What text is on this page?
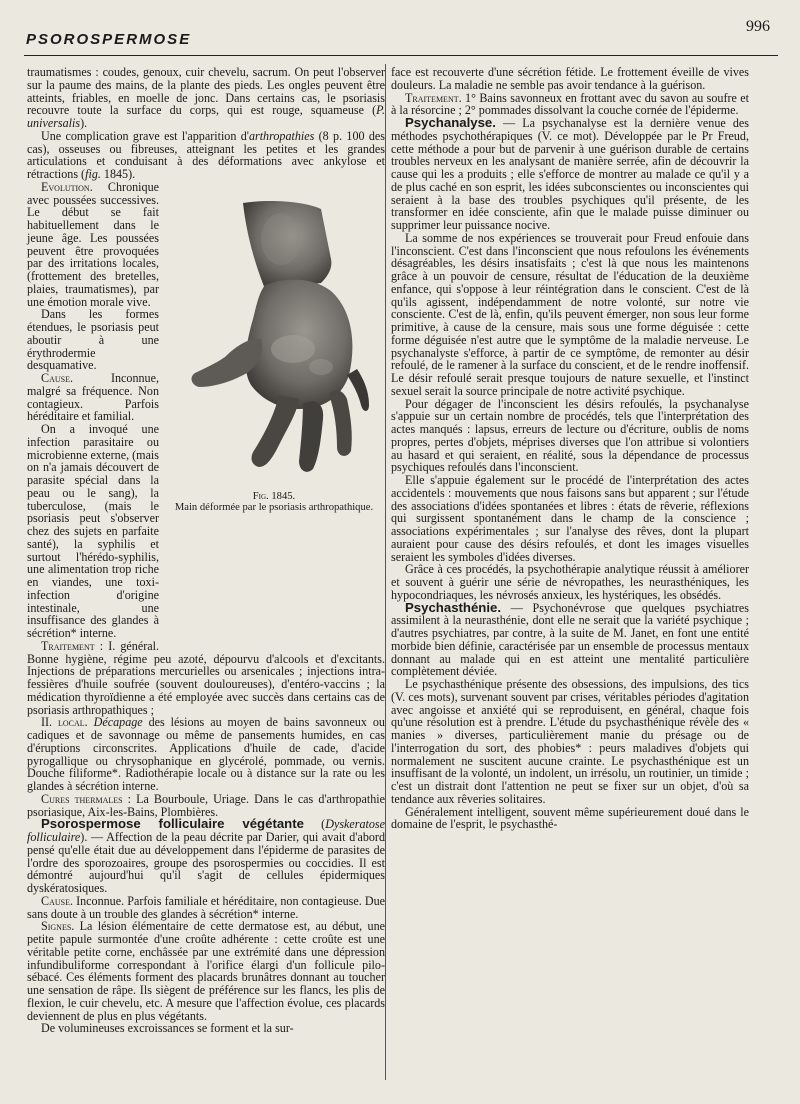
PSOROSPERMOSE
996

traumatismes : coudes, genoux, cuir chevelu, sacrum. On peut l'observer sur la paume des mains, de la plante des pieds. Les ongles peuvent être atteints, friables, en moelle de jonc. Dans certains cas, le psoriasis recouvre toute la surface du corps, qui est rouge, squameuse (P. universalis).

Une complication grave est l'apparition d'arthropathies (8 p. 100 des cas), osseuses ou fibreuses, atteignant les petites et les grandes articulations et conduisant à des déformations avec ankylose et rétractions (fig. 1845).

Fig. 1845.
Main déformée par le psoriasis arthropathique.

Evolution. Chronique avec poussées successives. Le début se fait habituellement dans le jeune âge. Les poussées peuvent être provoquées par des irritations locales, (frottement des bretelles, plaies, traumatismes), par une émotion morale vive.

Dans les formes étendues, le psoriasis peut aboutir à une érythrodermie desquamative.

Cause. Inconnue, malgré sa fréquence. Non contagieux. Parfois héréditaire et familial.

On a invoqué une infection parasitaire ou microbienne externe, (mais on n'a jamais découvert de parasite spécial dans la peau ou le sang), la tuberculose, (mais le psoriasis peut s'observer chez des sujets en parfaite santé), la syphilis et surtout l'hérédo-syphilis, une alimentation trop riche en viandes, une toxi-infection d'origine intestinale, une insuffisance des glandes à sécrétion* interne.

Traitement : I. général. Bonne hygiène, régime peu azoté, dépourvu d'alcools et d'excitants. Injections de préparations mercurielles ou arsenicales ; injections intra-fessières d'huile soufrée (souvent douloureuses), d'entéro-vaccins ; la médication thyroïdienne a été employée avec succès dans certains cas de psoriasis arthropathiques ;

II. local. Décapage des lésions au moyen de bains savonneux ou cadiques et de savonnage ou même de pansements humides, en cas d'éruptions circonscrites. Applications d'huile de cade, d'acide pyrogallique ou chrysophanique en glycérolé, pommade, ou vernis. Douche filiforme*. Radiothérapie locale ou à distance sur la rate ou les glandes à sécrétion interne.

Cures thermales : La Bourboule, Uriage. Dans le cas d'arthropathie psoriasique, Aix-les-Bains, Plombières.

Psorospermose folliculaire végétante (Dyskeratose folliculaire). — Affection de la peau décrite par Darier, qui avait d'abord pensé qu'elle était due au développement dans l'épiderme de parasites de l'ordre des sporozoaires, groupe des psorospermies ou coccidies. Il est démontré aujourd'hui qu'il s'agit de cellules épidermiques dyskératosiques.

Cause. Inconnue. Parfois familiale et héréditaire, non contagieuse. Due sans doute à un trouble des glandes à sécrétion* interne.

Signes. La lésion élémentaire de cette dermatose est, au début, une petite papule surmontée d'une croûte adhérente : cette croûte est une véritable petite corne, enchâssée par une extrémité dans une dépression infundibuliforme correspondant à l'orifice élargi d'un follicule pilo-sébacé. Ces éléments forment des placards brunâtres donnant au toucher une sensation de râpe. Ils siègent de préférence sur les flancs, les plis de flexion, le cuir chevelu, etc. A mesure que l'affection évolue, ces placards deviennent de plus en plus végétants.

De volumineuses excroissances se forment et la sur-

face est recouverte d'une sécrétion fétide. Le frottement éveille de vives douleurs. La maladie ne semble pas avoir tendance à la guérison.

Traitement. 1° Bains savonneux en frottant avec du savon au soufre et à la résorcine ; 2° pommades dissolvant la couche cornée de l'épiderme.

Psychanalyse. — La psychanalyse est la dernière venue des méthodes psychothérapiques (V. ce mot). Développée par le Pr Freud, cette méthode a pour but de parvenir à une guérison durable de certains troubles nerveux en les analysant de manière serrée, afin de découvrir la cause qui les a produits ; elle s'efforce de montrer au malade ce qu'il y a de plus caché en son esprit, les idées subconscientes ou inconscientes qui seraient à la base des troubles psychiques qu'il présente, de les transformer en idée consciente, afin que le malade puisse diminuer ou supprimer leur puissance nocive.

La somme de nos expériences se trouverait pour Freud enfouie dans l'inconscient. C'est dans l'inconscient que nous refoulons les événements désagréables, les désirs insatisfaits ; c'est là que nous les maintenons grâce à un pouvoir de censure, résultat de l'éducation de la deuxième enfance, qui s'oppose à leur réintégration dans le conscient. C'est de là qu'ils agissent, indépendamment de notre volonté, sur notre vie consciente. C'est de là, enfin, qu'ils peuvent émerger, non sous leur forme primitive, à cause de la censure, mais sous une forme déguisée : cette forme déguisée n'est autre que le symptôme de la maladie nerveuse. Le psychanalyste s'efforce, à partir de ce symptôme, de remonter au désir refoulé, de le ramener à la surface du conscient, et de le rendre inoffensif. Le désir refoulé serait presque toujours de nature sexuelle, et l'instinct sexuel serait la source principale de notre activité psychique.

Pour dégager de l'inconscient les désirs refoulés, la psychanalyse s'appuie sur un certain nombre de procédés, tels que l'interprétation des actes manqués : lapsus, erreurs de lecture ou d'écriture, oublis de noms propres, pertes d'objets, méprises diverses que l'on attribue si volontiers au hasard et qui seraient, en réalité, sous la dépendance de processus psychiques refoulés dans l'inconscient.

Elle s'appuie également sur le procédé de l'interprétation des actes accidentels : mouvements que nous faisons sans but apparent ; sur l'étude des associations d'idées spontanées et libres : états de rêverie, réflexions qui surgissent spontanément dans le champ de la conscience ; associations expérimentales ; sur l'analyse des rêves, dont la plupart auraient pour cause des désirs refoulés, et dont les images visuelles seraient les symboles d'idées diverses.

Grâce à ces procédés, la psychothérapie analytique réussit à améliorer et souvent à guérir une série de névropathes, les neurasthéniques, les hypocondriaques, les névrosés anxieux, les hystériques, les obsédés.

Psychasthénie. — Psychonévrose que quelques psychiatres assimilent à la neurasthénie, dont elle ne serait que la variété psychique ; d'autres psychiatres, par contre, à la suite de M. Janet, en font une entité morbide bien définie, caractérisée par un ensemble de processus mentaux donnant au malade qui en est atteint une mentalité particulière complètement déviée.

Le psychasthénique présente des obsessions, des impulsions, des tics (V. ces mots), survenant souvent par crises, véritables périodes d'agitation avec angoisse et anxiété qui se reproduisent, en général, chaque fois qu'une résolution est à prendre. L'étude du psychasthénique révèle des « manies » diverses, particulièrement manie du présage ou de l'interrogation du sort, des phobies* : peurs maladives d'objets qui normalement ne suscitent aucune crainte. Le psychasthénique est un insuffisant de la volonté, un indolent, un irrésolu, un routinier, un timide ; c'est un distrait dont l'attention ne peut se fixer sur un objet, d'où sa tendance aux rêveries solitaires.

Généralement intelligent, souvent même supérieurement doué dans le domaine de l'esprit, le psychasthé-
